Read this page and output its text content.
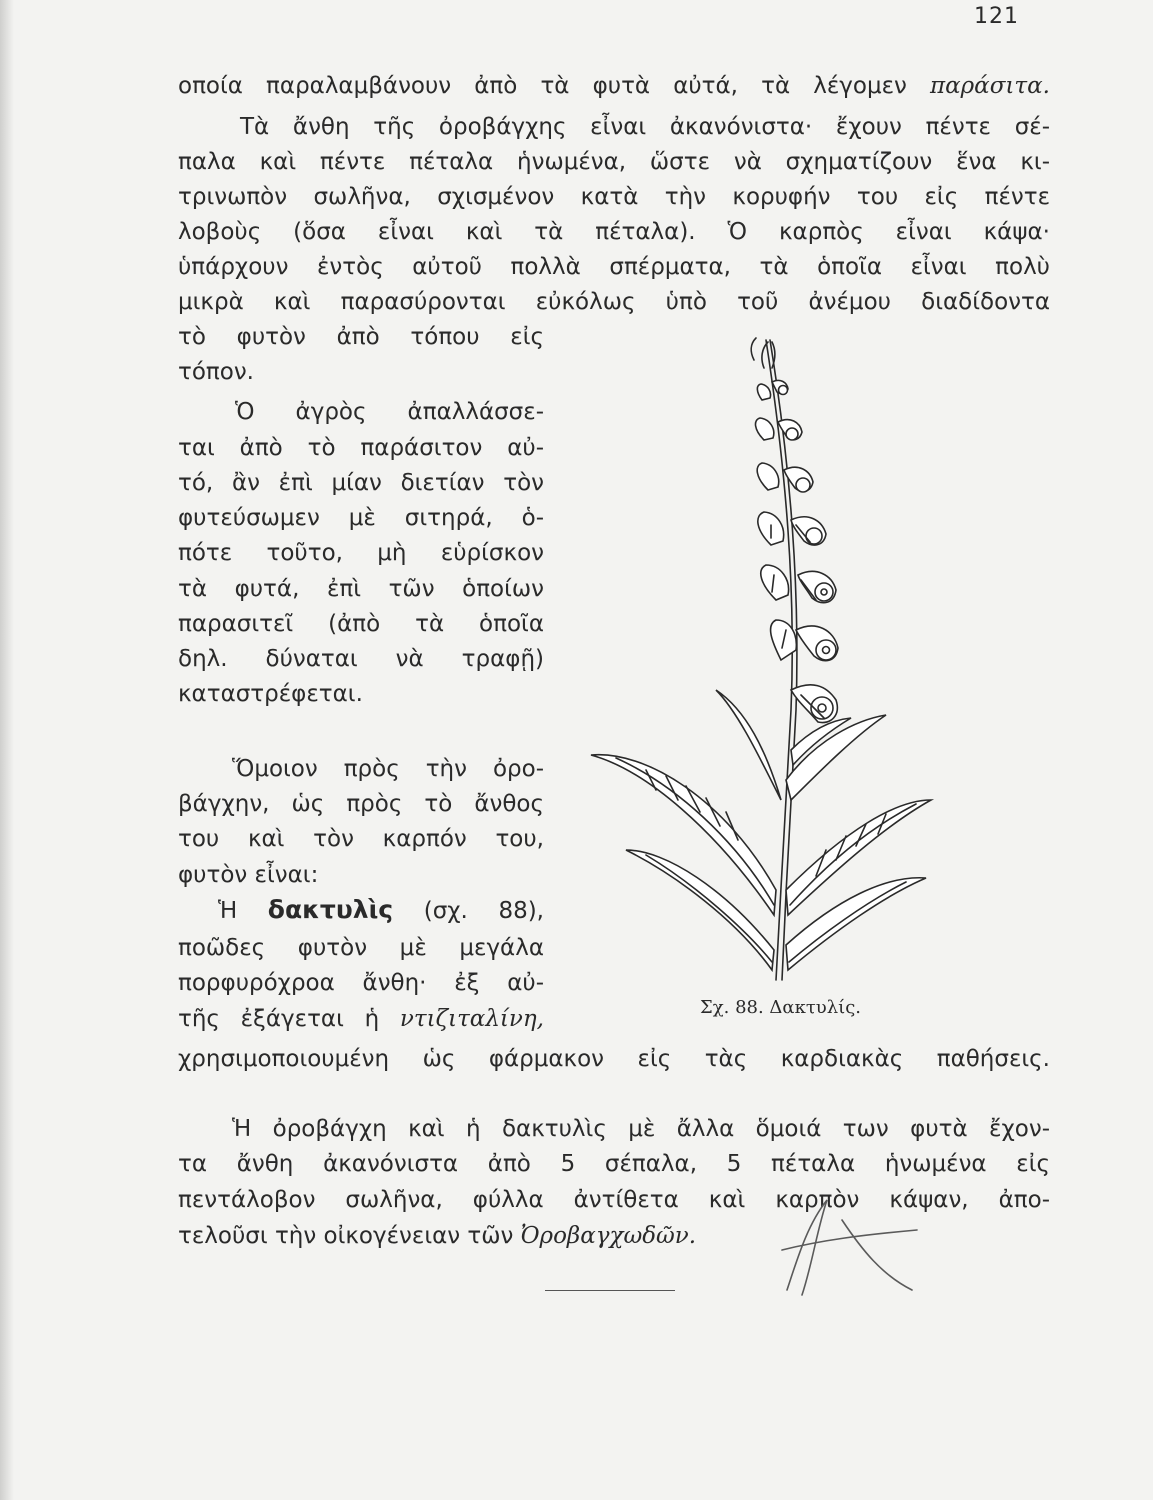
121
οποία παραλαμβάνουν ἀπὸ τὰ φυτὰ αὐτά, τὰ λέγομεν παράσιτα.
Τὰ ἄνθη τῆς ὀροβάγχης εἶναι ἀκανόνιστα· ἔχουν πέντε σέ-
παλα καὶ πέντε πέταλα ἡνωμένα, ὥστε νὰ σχηματίζουν ἕνα κι-
τρινωπὸν σωλῆνα, σχισμένον κατὰ τὴν κορυφήν του εἰς πέντε
λοβοὺς (ὅσα εἶναι καὶ τὰ πέταλα). Ὁ καρπὸς εἶναι κάψα·
ὑπάρχουν ἐντὸς αὐτοῦ πολλὰ σπέρματα, τὰ ὁποῖα εἶναι πολὺ
μικρὰ καὶ παρασύρονται εὐκόλως ὑπὸ τοῦ ἀνέμου διαδίδοντα
τὸ φυτὸν ἀπὸ τόπου εἰς
τόπον.
Ὁ ἀγρὸς ἀπαλλάσσε-
ται ἀπὸ τὸ παράσιτον αὐ-
τό, ἂν ἐπὶ μίαν διετίαν τὸν
φυτεύσωμεν μὲ σιτηρά, ὁ-
πότε τοῦτο, μὴ εὑρίσκον
τὰ φυτά, ἐπὶ τῶν ὁποίων
παρασιτεῖ (ἀπὸ τὰ ὁποῖα
δηλ. δύναται νὰ τραφῇ)
καταστρέφεται.
Ὅμοιον πρὸς τὴν ὀρο-
βάγχην, ὡς πρὸς τὸ ἄνθος
του καὶ τὸν καρπόν του,
φυτὸν εἶναι:
Ἡ δακτυλὶς (σχ. 88),
ποῶδες φυτὸν μὲ μεγάλα
πορφυρόχροα ἄνθη· ἐξ αὐ-
τῆς ἐξάγεται ἡ ντιζιταλίνη,
χρησιμοποιουμένη ὡς φάρμακον εἰς τὰς καρδιακὰς παθήσεις.
Ἡ ὀροβάγχη καὶ ἡ δακτυλὶς μὲ ἄλλα ὅμοιά των φυτὰ ἔχον-
τα ἄνθη ἀκανόνιστα ἀπὸ 5 σέπαλα, 5 πέταλα ἡνωμένα εἰς
πεντάλοβον σωλῆνα, φύλλα ἀντίθετα καὶ καρπὸν κάψαν, ἀπο-
τελοῦσι τὴν οἰκογένειαν τῶν Ὀροβαγχωδῶν.
Σχ. 88. Δακτυλίς.
